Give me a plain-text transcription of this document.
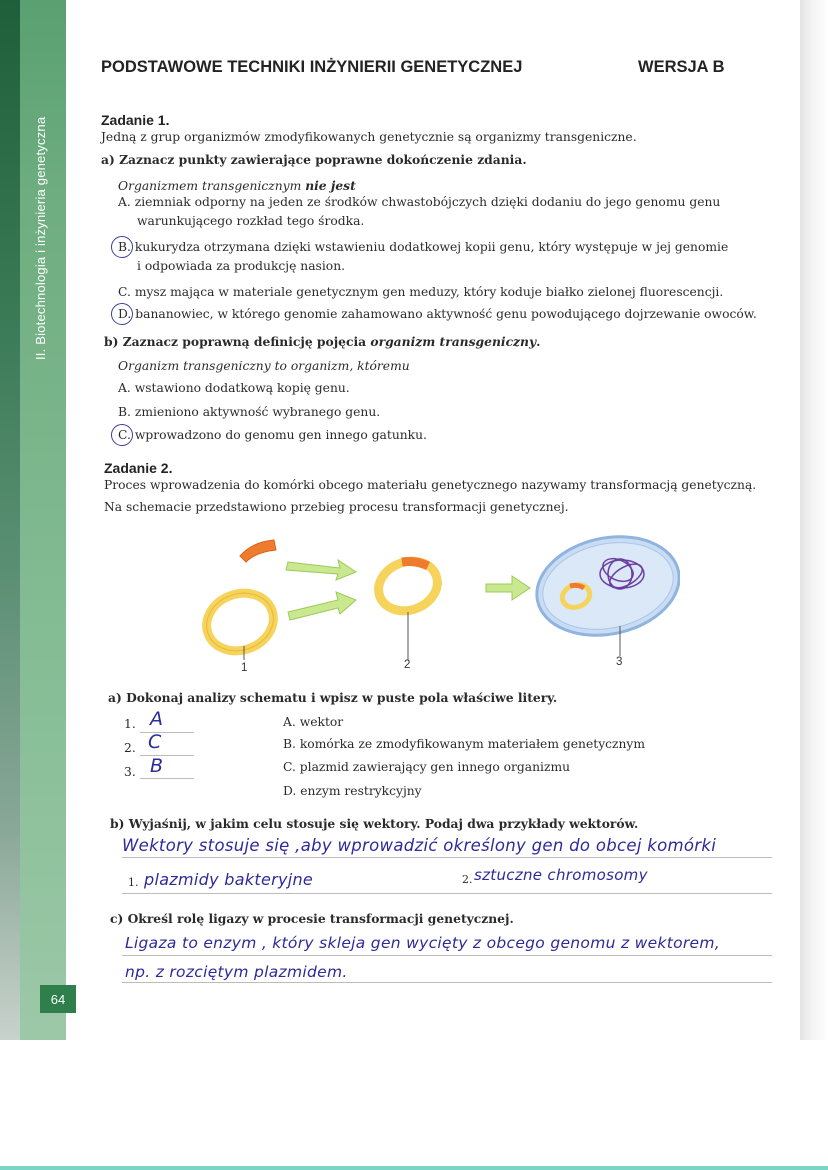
II. Biotechnologia i inżynieria genetyczna
64
PODSTAWOWE TECHNIKI INŻYNIERII GENETYCZNEJ	WERSJA B
Zadanie 1.
Jedną z grup organizmów zmodyfikowanych genetycznie są organizmy transgeniczne.
a) Zaznacz punkty zawierające poprawne dokończenie zdania.
Organizmem transgenicznym nie jest
A. ziemniak odporny na jeden ze środków chwastobójczych dzięki dodaniu do jego genomu genu
warunkującego rozkład tego środka.
B. kukurydza otrzymana dzięki wstawieniu dodatkowej kopii genu, który występuje w jej genomie
i odpowiada za produkcję nasion.
C. mysz mająca w materiale genetycznym gen meduzy, który koduje białko zielonej fluorescencji.
D. bananowiec, w którego genomie zahamowano aktywność genu powodującego dojrzewanie owoców.
b) Zaznacz poprawną definicję pojęcia organizm transgeniczny.
Organizm transgeniczny to organizm, któremu
A. wstawiono dodatkową kopię genu.
B. zmieniono aktywność wybranego genu.
C. wprowadzono do genomu gen innego gatunku.
Zadanie 2.
Proces wprowadzenia do komórki obcego materiału genetycznego nazywamy transformacją genetyczną.
Na schemacie przedstawiono przebieg procesu transformacji genetycznej.
1	2	3
a) Dokonaj analizy schematu i wpisz w puste pola właściwe litery.
1. A
2. C
3. B
A. wektor
B. komórka ze zmodyfikowanym materiałem genetycznym
C. plazmid zawierający gen innego organizmu
D. enzym restrykcyjny
b) Wyjaśnij, w jakim celu stosuje się wektory. Podaj dwa przykłady wektorów.
Wektory stosuje się ,aby wprowadzić określony gen do obcej komórki
1. plazmidy bakteryjne	2. sztuczne chromosomy
c) Określ rolę ligazy w procesie transformacji genetycznej.
Ligaza to enzym , który skleja gen wycięty z obcego genomu z wektorem,
np. z rozciętym plazmidem.
